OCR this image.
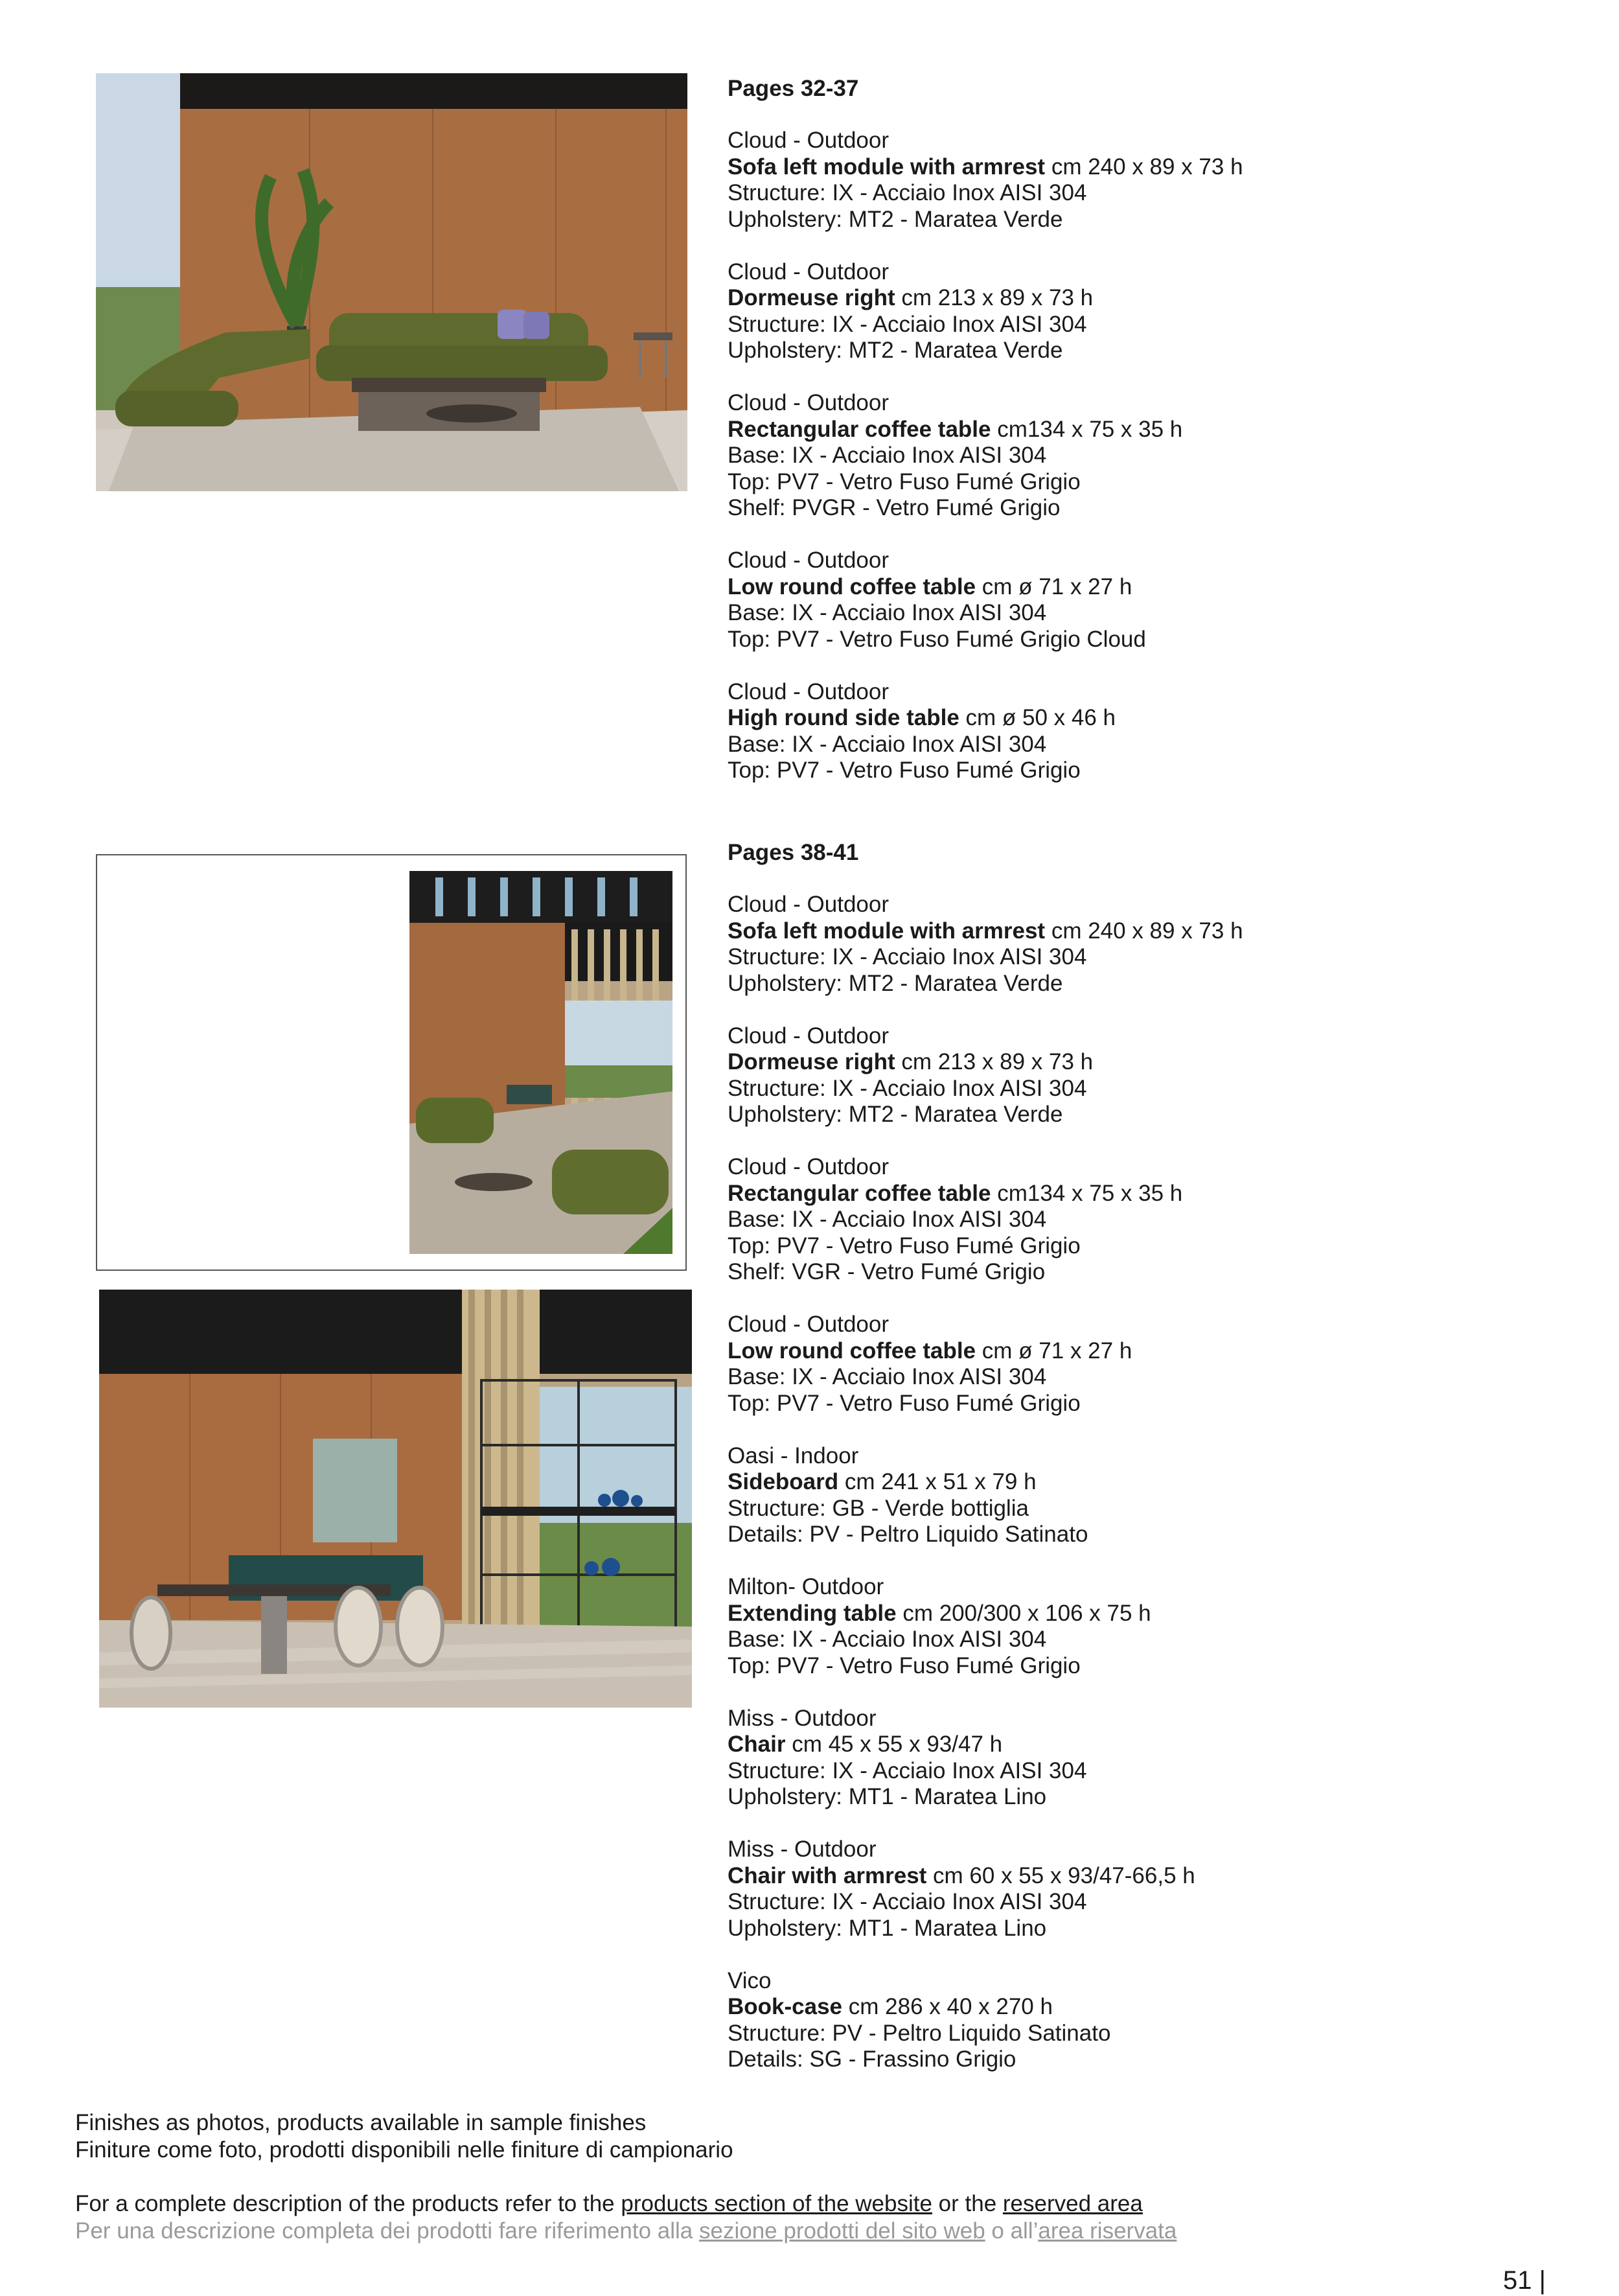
Pages 32-37
Cloud - Outdoor
Sofa left module with armrest cm 240 x 89 x 73 h
Structure: IX - Acciaio Inox AISI 304
Upholstery: MT2 - Maratea Verde
Cloud - Outdoor
Dormeuse right cm 213 x 89 x 73 h
Structure: IX - Acciaio Inox AISI 304
Upholstery: MT2 - Maratea Verde
Cloud - Outdoor
Rectangular coffee table cm134 x 75 x 35 h
Base: IX - Acciaio Inox AISI 304
Top: PV7 - Vetro Fuso Fumé Grigio
Shelf: PVGR - Vetro Fumé Grigio
Cloud - Outdoor
Low round coffee table cm ø 71 x 27 h
Base: IX - Acciaio Inox AISI 304
Top: PV7 - Vetro Fuso Fumé Grigio Cloud
Cloud - Outdoor
High round side table cm ø 50 x 46 h
Base: IX - Acciaio Inox AISI 304
Top: PV7 - Vetro Fuso Fumé Grigio
Pages 38-41
Cloud - Outdoor
Sofa left module with armrest cm 240 x 89 x 73 h
Structure: IX - Acciaio Inox AISI 304
Upholstery: MT2 - Maratea Verde
Cloud - Outdoor
Dormeuse right cm 213 x 89 x 73 h
Structure: IX - Acciaio Inox AISI 304
Upholstery: MT2 - Maratea Verde
Cloud - Outdoor
Rectangular coffee table cm134 x 75 x 35 h
Base: IX - Acciaio Inox AISI 304
Top: PV7 - Vetro Fuso Fumé Grigio
Shelf: VGR - Vetro Fumé Grigio
Cloud - Outdoor
Low round coffee table cm ø 71 x 27 h
Base: IX - Acciaio Inox AISI 304
Top: PV7 - Vetro Fuso Fumé Grigio
Oasi - Indoor
Sideboard cm 241 x 51 x 79 h
Structure: GB - Verde bottiglia
Details: PV - Peltro Liquido Satinato
Milton- Outdoor
Extending table cm 200/300 x 106 x 75 h
Base: IX - Acciaio Inox AISI 304
Top: PV7 - Vetro Fuso Fumé Grigio
Miss - Outdoor
Chair cm 45 x 55 x 93/47 h
Structure: IX - Acciaio Inox AISI 304
Upholstery: MT1 - Maratea Lino
Miss - Outdoor
Chair with armrest cm 60 x 55 x 93/47-66,5 h
Structure: IX - Acciaio Inox AISI 304
Upholstery: MT1 - Maratea Lino
Vico
Book-case cm 286 x 40 x 270 h
Structure: PV - Peltro Liquido Satinato
Details: SG - Frassino Grigio
Finishes as photos, products available in sample finishes
Finiture come foto, prodotti disponibili nelle finiture di campionario
For a complete description of the products refer to the products section of the website or the reserved area
Per una descrizione completa dei prodotti fare riferimento alla sezione prodotti del sito web o all’area riservata
51 |
